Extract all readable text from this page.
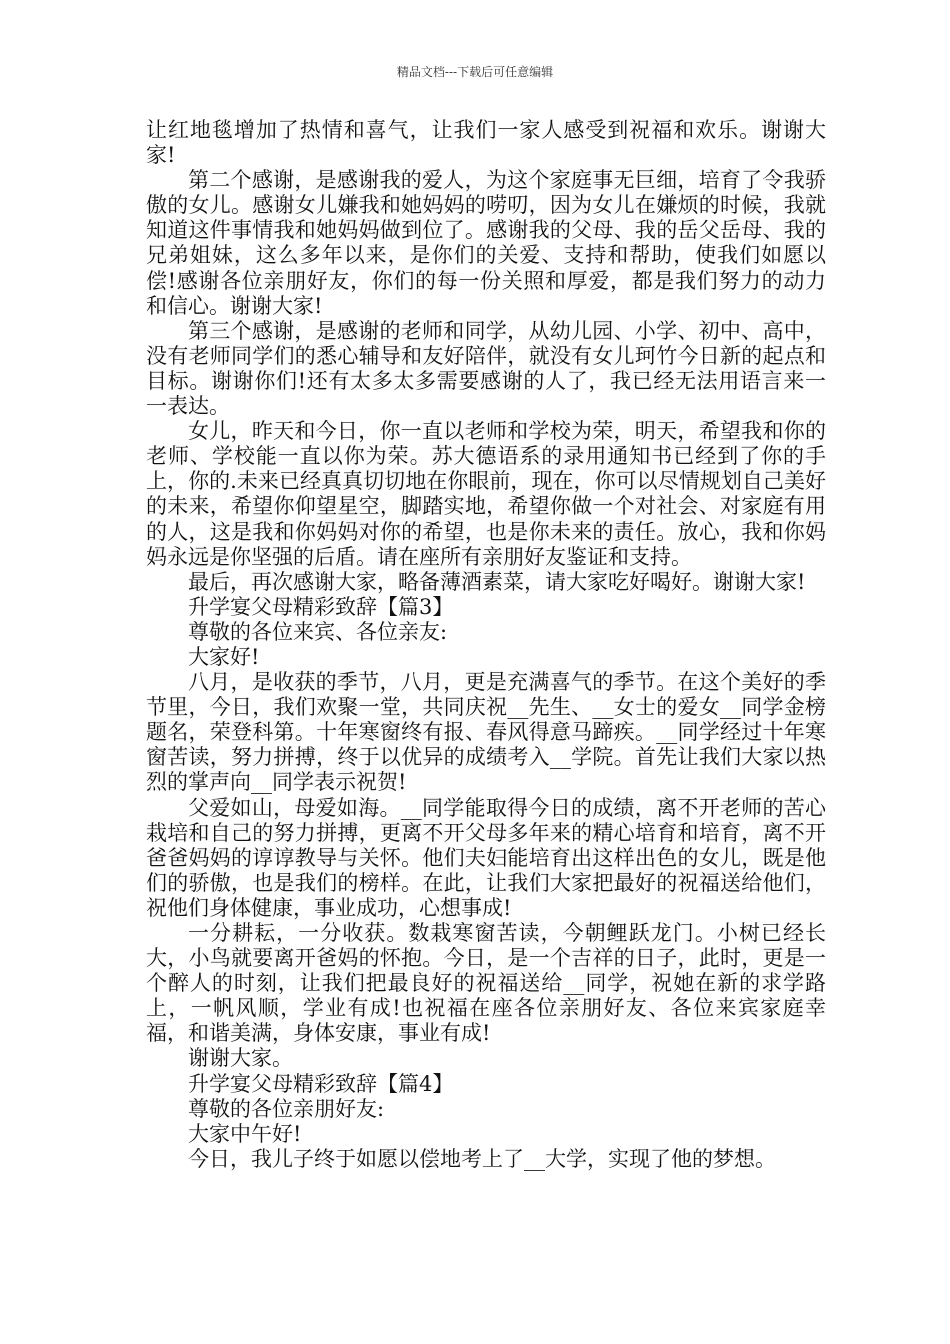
精品文档---下载后可任意编辑

让红地毯增加了热情和喜气，让我们一家人感受到祝福和欢乐。谢谢大家!

第二个感谢，是感谢我的爱人，为这个家庭事无巨细，培育了令我骄傲的女儿。感谢女儿嫌我和她妈妈的唠叨，因为女儿在嫌烦的时候，我就知道这件事情我和她妈妈做到位了。感谢我的父母、我的岳父岳母、我的兄弟姐妹，这么多年以来，是你们的关爱、支持和帮助，使我们如愿以偿!感谢各位亲朋好友，你们的每一份关照和厚爱，都是我们努力的动力和信心。谢谢大家!

第三个感谢，是感谢的老师和同学，从幼儿园、小学、初中、高中，没有老师同学们的悉心辅导和友好陪伴，就没有女儿珂竹今日新的起点和目标。谢谢你们!还有太多太多需要感谢的人了，我已经无法用语言来一一表达。

女儿，昨天和今日，你一直以老师和学校为荣，明天，希望我和你的老师、学校能一直以你为荣。苏大德语系的录用通知书已经到了你的手上，你的.未来已经真真切切地在你眼前，现在，你可以尽情规划自己美好的未来，希望你仰望星空，脚踏实地，希望你做一个对社会、对家庭有用的人，这是我和你妈妈对你的希望，也是你未来的责任。放心，我和你妈妈永远是你坚强的后盾。请在座所有亲朋好友鉴证和支持。

最后，再次感谢大家，略备薄酒素菜，请大家吃好喝好。谢谢大家!

升学宴父母精彩致辞【篇3】

尊敬的各位来宾、各位亲友:

大家好!

八月，是收获的季节，八月，更是充满喜气的季节。在这个美好的季节里，今日，我们欢聚一堂，共同庆祝__先生、__女士的爱女__同学金榜题名，荣登科第。十年寒窗终有报、春风得意马蹄疾。__同学经过十年寒窗苦读，努力拼搏，终于以优异的成绩考入__学院。首先让我们大家以热烈的掌声向__同学表示祝贺!

父爱如山，母爱如海。__同学能取得今日的成绩，离不开老师的苦心栽培和自己的努力拼搏，更离不开父母多年来的精心培育和培育，离不开爸爸妈妈的谆谆教导与关怀。他们夫妇能培育出这样出色的女儿，既是他们的骄傲，也是我们的榜样。在此，让我们大家把最好的祝福送给他们，祝他们身体健康，事业成功，心想事成!

一分耕耘，一分收获。数栽寒窗苦读，今朝鲤跃龙门。小树已经长大，小鸟就要离开爸妈的怀抱。今日，是一个吉祥的日子，此时，更是一个醉人的时刻，让我们把最良好的祝福送给__同学，祝她在新的求学路上，一帆风顺，学业有成!也祝福在座各位亲朋好友、各位来宾家庭幸福，和谐美满，身体安康，事业有成!

谢谢大家。

升学宴父母精彩致辞【篇4】

尊敬的各位亲朋好友:

大家中午好!

今日，我儿子终于如愿以偿地考上了__大学，实现了他的梦想。
